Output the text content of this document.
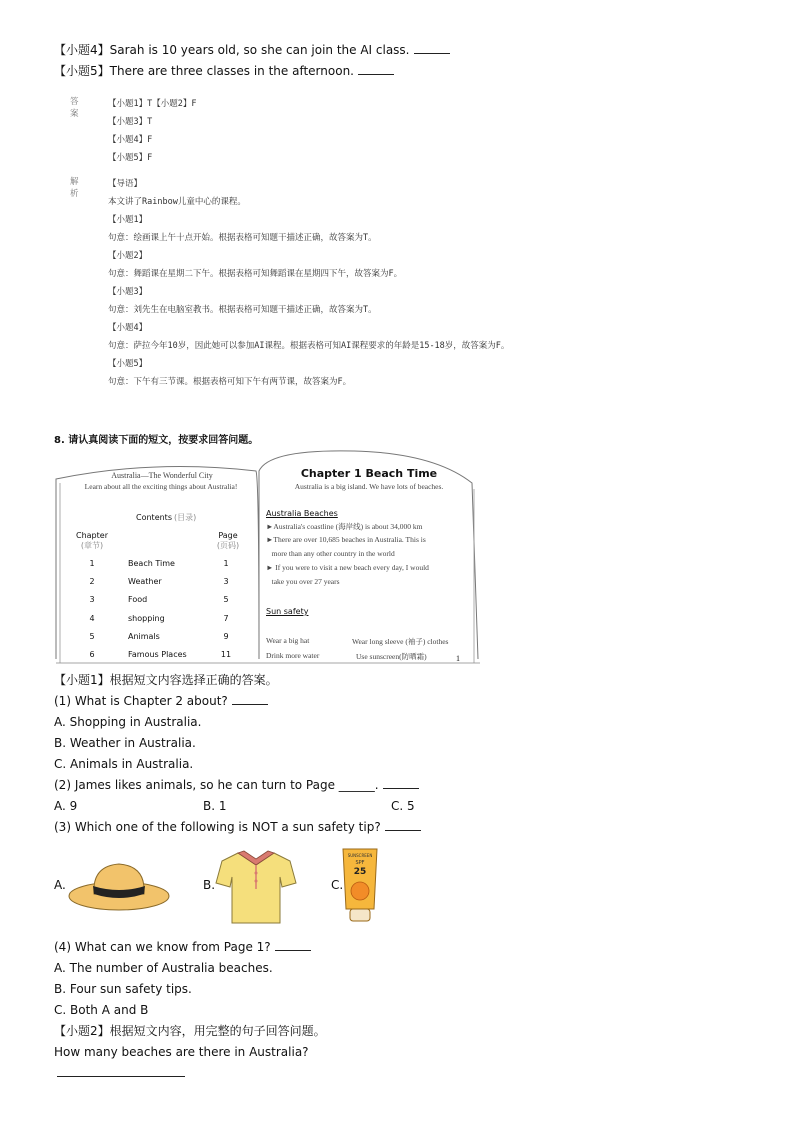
【小题4】Sarah is 10 years old, so she can join the AI class.
【小题5】There are three classes in the afternoon.
答案
【小题1】T【小题2】F
【小题3】T
【小题4】F
【小题5】F
解析
【导语】
本文讲了Rainbow儿童中心的课程。
【小题1】
句意：绘画课上午十点开始。根据表格可知题干描述正确，故答案为T。
【小题2】
句意：舞蹈课在星期二下午。根据表格可知舞蹈课在星期四下午，故答案为F。
【小题3】
句意：刘先生在电脑室教书。根据表格可知题干描述正确，故答案为T。
【小题4】
句意：萨拉今年10岁，因此她可以参加AI课程。根据表格可知AI课程要求的年龄是15-18岁，故答案为F。
【小题5】
句意：下午有三节课。根据表格可知下午有两节课，故答案为F。
8. 请认真阅读下面的短文，按要求回答问题。
Australia—The Wonderful City
Learn about all the exciting things about Australia!
Contents (目录)
Chapter
(章节)
Page
(页码)
1	Beach Time	1
2	Weather	3
3	Food	5
4	shopping	7
5	Animals	9
6	Famous Places	11
Chapter 1 Beach Time
Australia is a big island. We have lots of beaches.
Australia Beaches
►Australia's coastline (海岸线) is about 34,000 km
►There are over 10,685 beaches in Australia. This is
more than any other country in the world
► If you were to visit a new beach every day, I would
take you over 27 years
Sun safety
Wear a big hat	Wear long sleeve (袖子) clothes
Drink more water	Use sunscreen(防晒霜)	1
【小题1】根据短文内容选择正确的答案。
(1) What is Chapter 2 about?
A. Shopping in Australia.
B. Weather in Australia.
C. Animals in Australia.
(2) James likes animals, so he can turn to Page ______.
A. 9	B. 1	C. 5
(3) Which one of the following is NOT a sun safety tip?
A.	B.	C.
SUNSCREEN
SPF
25
(4) What can we know from Page 1?
A. The number of Australia beaches.
B. Four sun safety tips.
C. Both A and B
【小题2】根据短文内容，用完整的句子回答问题。
How many beaches are there in Australia?
